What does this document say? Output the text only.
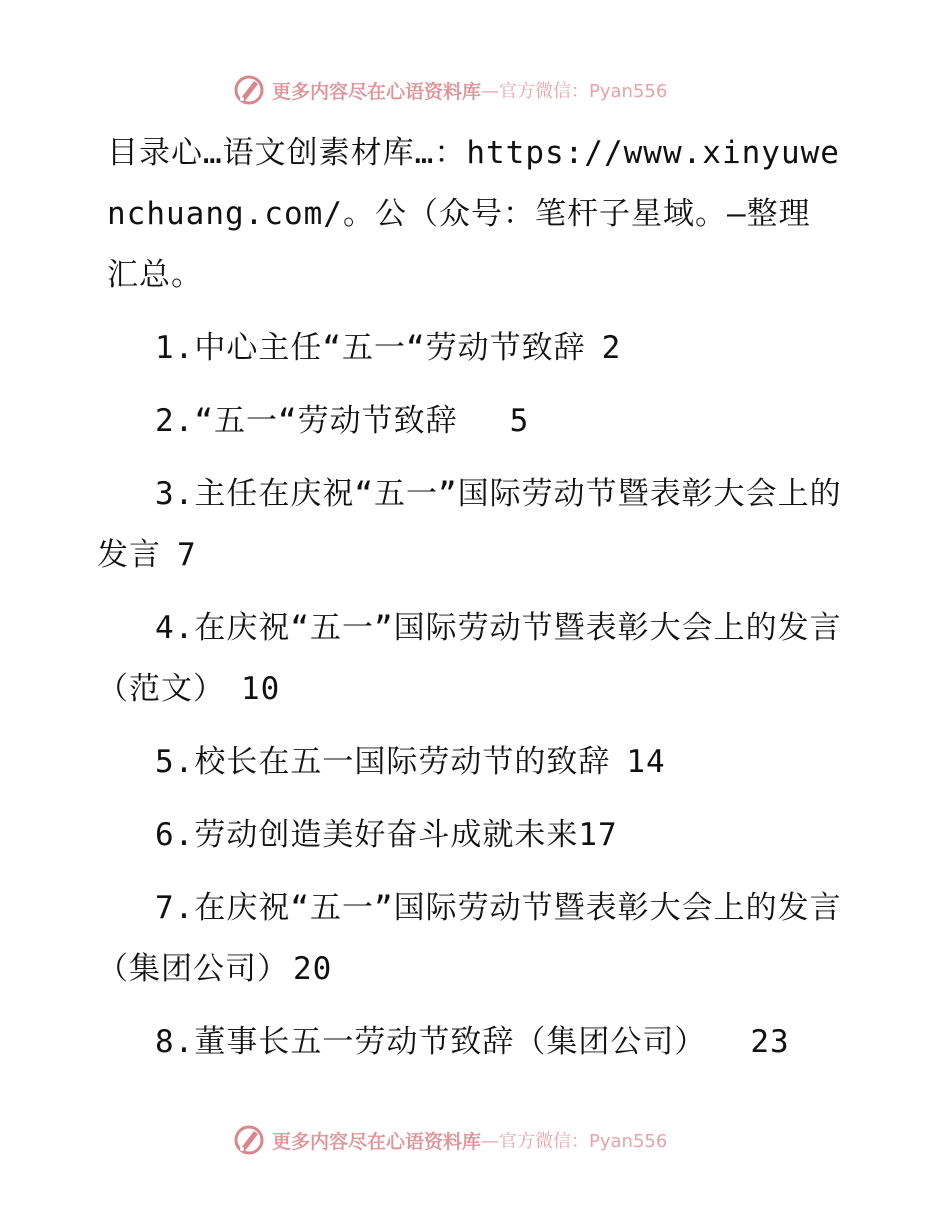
更多内容尽在心语资料库 —官方微信：Pyan556
目录心…语文创素材库…：https://www.xinyuwenchuang.com/。公（众号：笔杆子星域。—整理汇总。
1.中心主任“五一“劳动节致辞 2
2.“五一“劳动节致辞 5
3.主任在庆祝“五一”国际劳动节暨表彰大会上的发言 7
4.在庆祝“五一”国际劳动节暨表彰大会上的发言（范文） 10
5.校长在五一国际劳动节的致辞 14
6.劳动创造美好奋斗成就未来17
7.在庆祝“五一”国际劳动节暨表彰大会上的发言（集团公司） 20
8.董事长五一劳动节致辞（集团公司） 23
更多内容尽在心语资料库 —官方微信：Pyan556
